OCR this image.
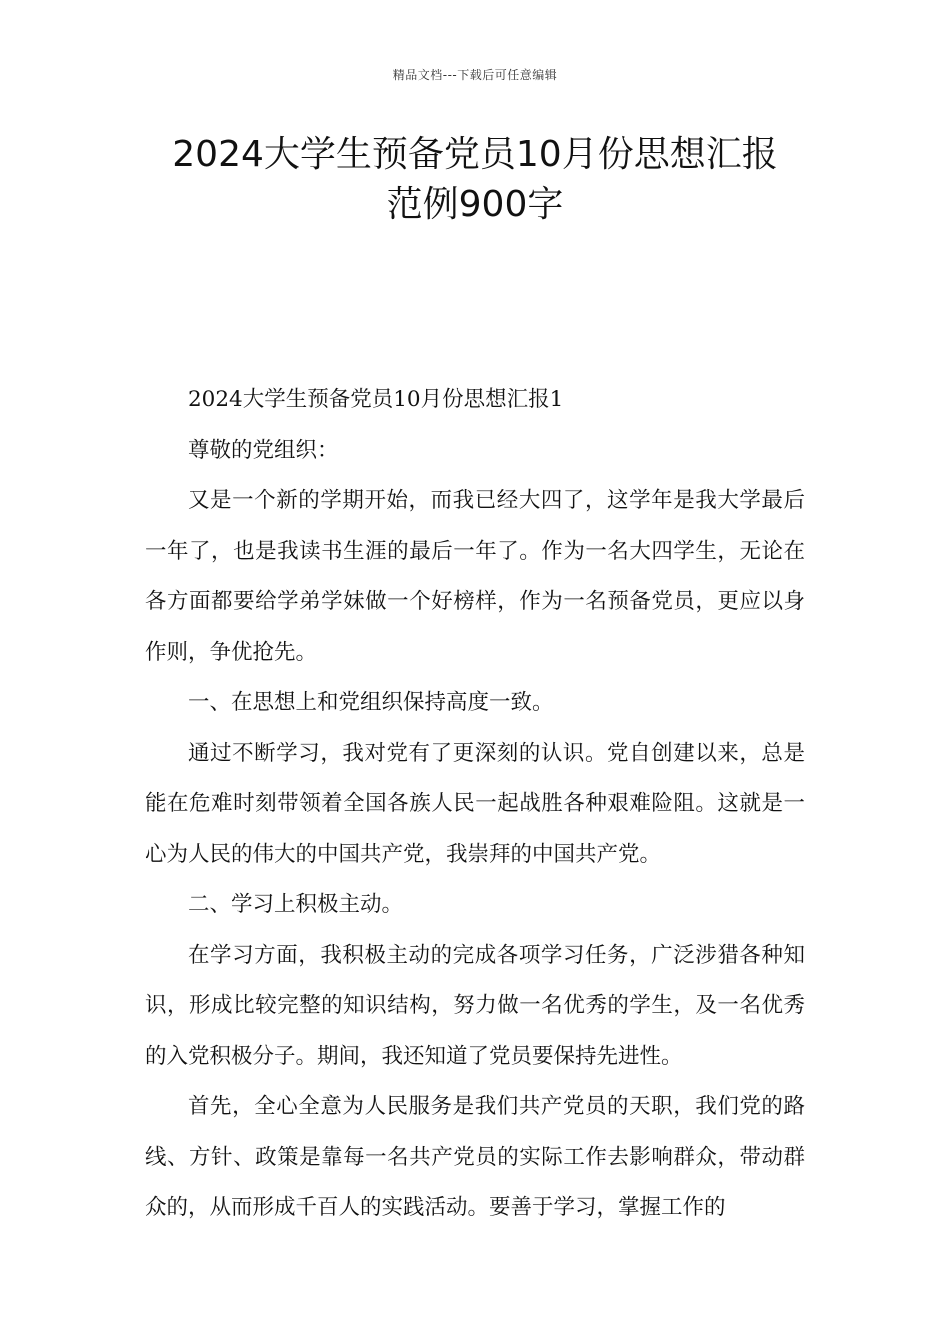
精品文档---下载后可任意编辑
2024大学生预备党员10月份思想汇报
范例900字

2024大学生预备党员10月份思想汇报1

尊敬的党组织：

又是一个新的学期开始，而我已经大四了，这学年是我大学最后一年了，也是我读书生涯的最后一年了。作为一名大四学生，无论在各方面都要给学弟学妹做一个好榜样，作为一名预备党员，更应以身作则，争优抢先。

一、在思想上和党组织保持高度一致。

通过不断学习，我对党有了更深刻的认识。党自创建以来，总是能在危难时刻带领着全国各族人民一起战胜各种艰难险阻。这就是一心为人民的伟大的中国共产党，我崇拜的中国共产党。

二、学习上积极主动。

在学习方面，我积极主动的完成各项学习任务，广泛涉猎各种知识，形成比较完整的知识结构，努力做一名优秀的学生，及一名优秀的入党积极分子。期间，我还知道了党员要保持先进性。

首先，全心全意为人民服务是我们共产党员的天职，我们党的路线、方针、政策是靠每一名共产党员的实际工作去影响群众，带动群众的，从而形成千百人的实践活动。要善于学习，掌握工作的
